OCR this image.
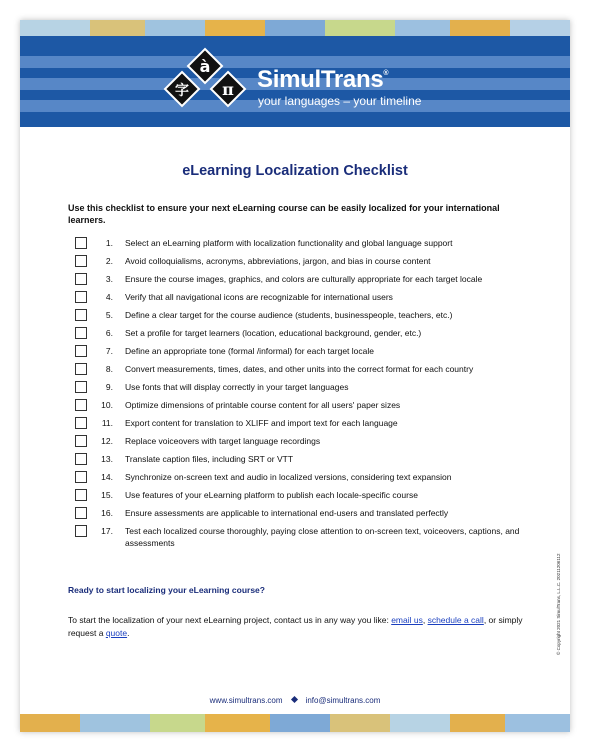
à
字 π SimulTrans®
your languages – your timeline
eLearning Localization Checklist
Use this checklist to ensure your next eLearning course can be easily localized for your international learners.
1. Select an eLearning platform with localization functionality and global language support
2. Avoid colloquialisms, acronyms, abbreviations, jargon, and bias in course content
3. Ensure the course images, graphics, and colors are culturally appropriate for each target locale
4. Verify that all navigational icons are recognizable for international users
5. Define a clear target for the course audience (students, businesspeople, teachers, etc.)
6. Set a profile for target learners (location, educational background, gender, etc.)
7. Define an appropriate tone (formal /informal) for each target locale
8. Convert measurements, times, dates, and other units into the correct format for each country
9. Use fonts that will display correctly in your target languages
10. Optimize dimensions of printable course content for all users' paper sizes
11. Export content for translation to XLIFF and import text for each language
12. Replace voiceovers with target language recordings
13. Translate caption files, including SRT or VTT
14. Synchronize on-screen text and audio in localized versions, considering text expansion
15. Use features of your eLearning platform to publish each locale-specific course
16. Ensure assessments are applicable to international end-users and translated perfectly
17. Test each localized course thoroughly, paying close attention to on-screen text, voiceovers, captions, and assessments
Ready to start localizing your eLearning course?
To start the localization of your next eLearning project, contact us in any way you like: email us, schedule a call, or simply request a quote.	© Copyright 2021 SimulTrans, L.L.C. 20211206112
www.simultrans.com	info@simultrans.com
